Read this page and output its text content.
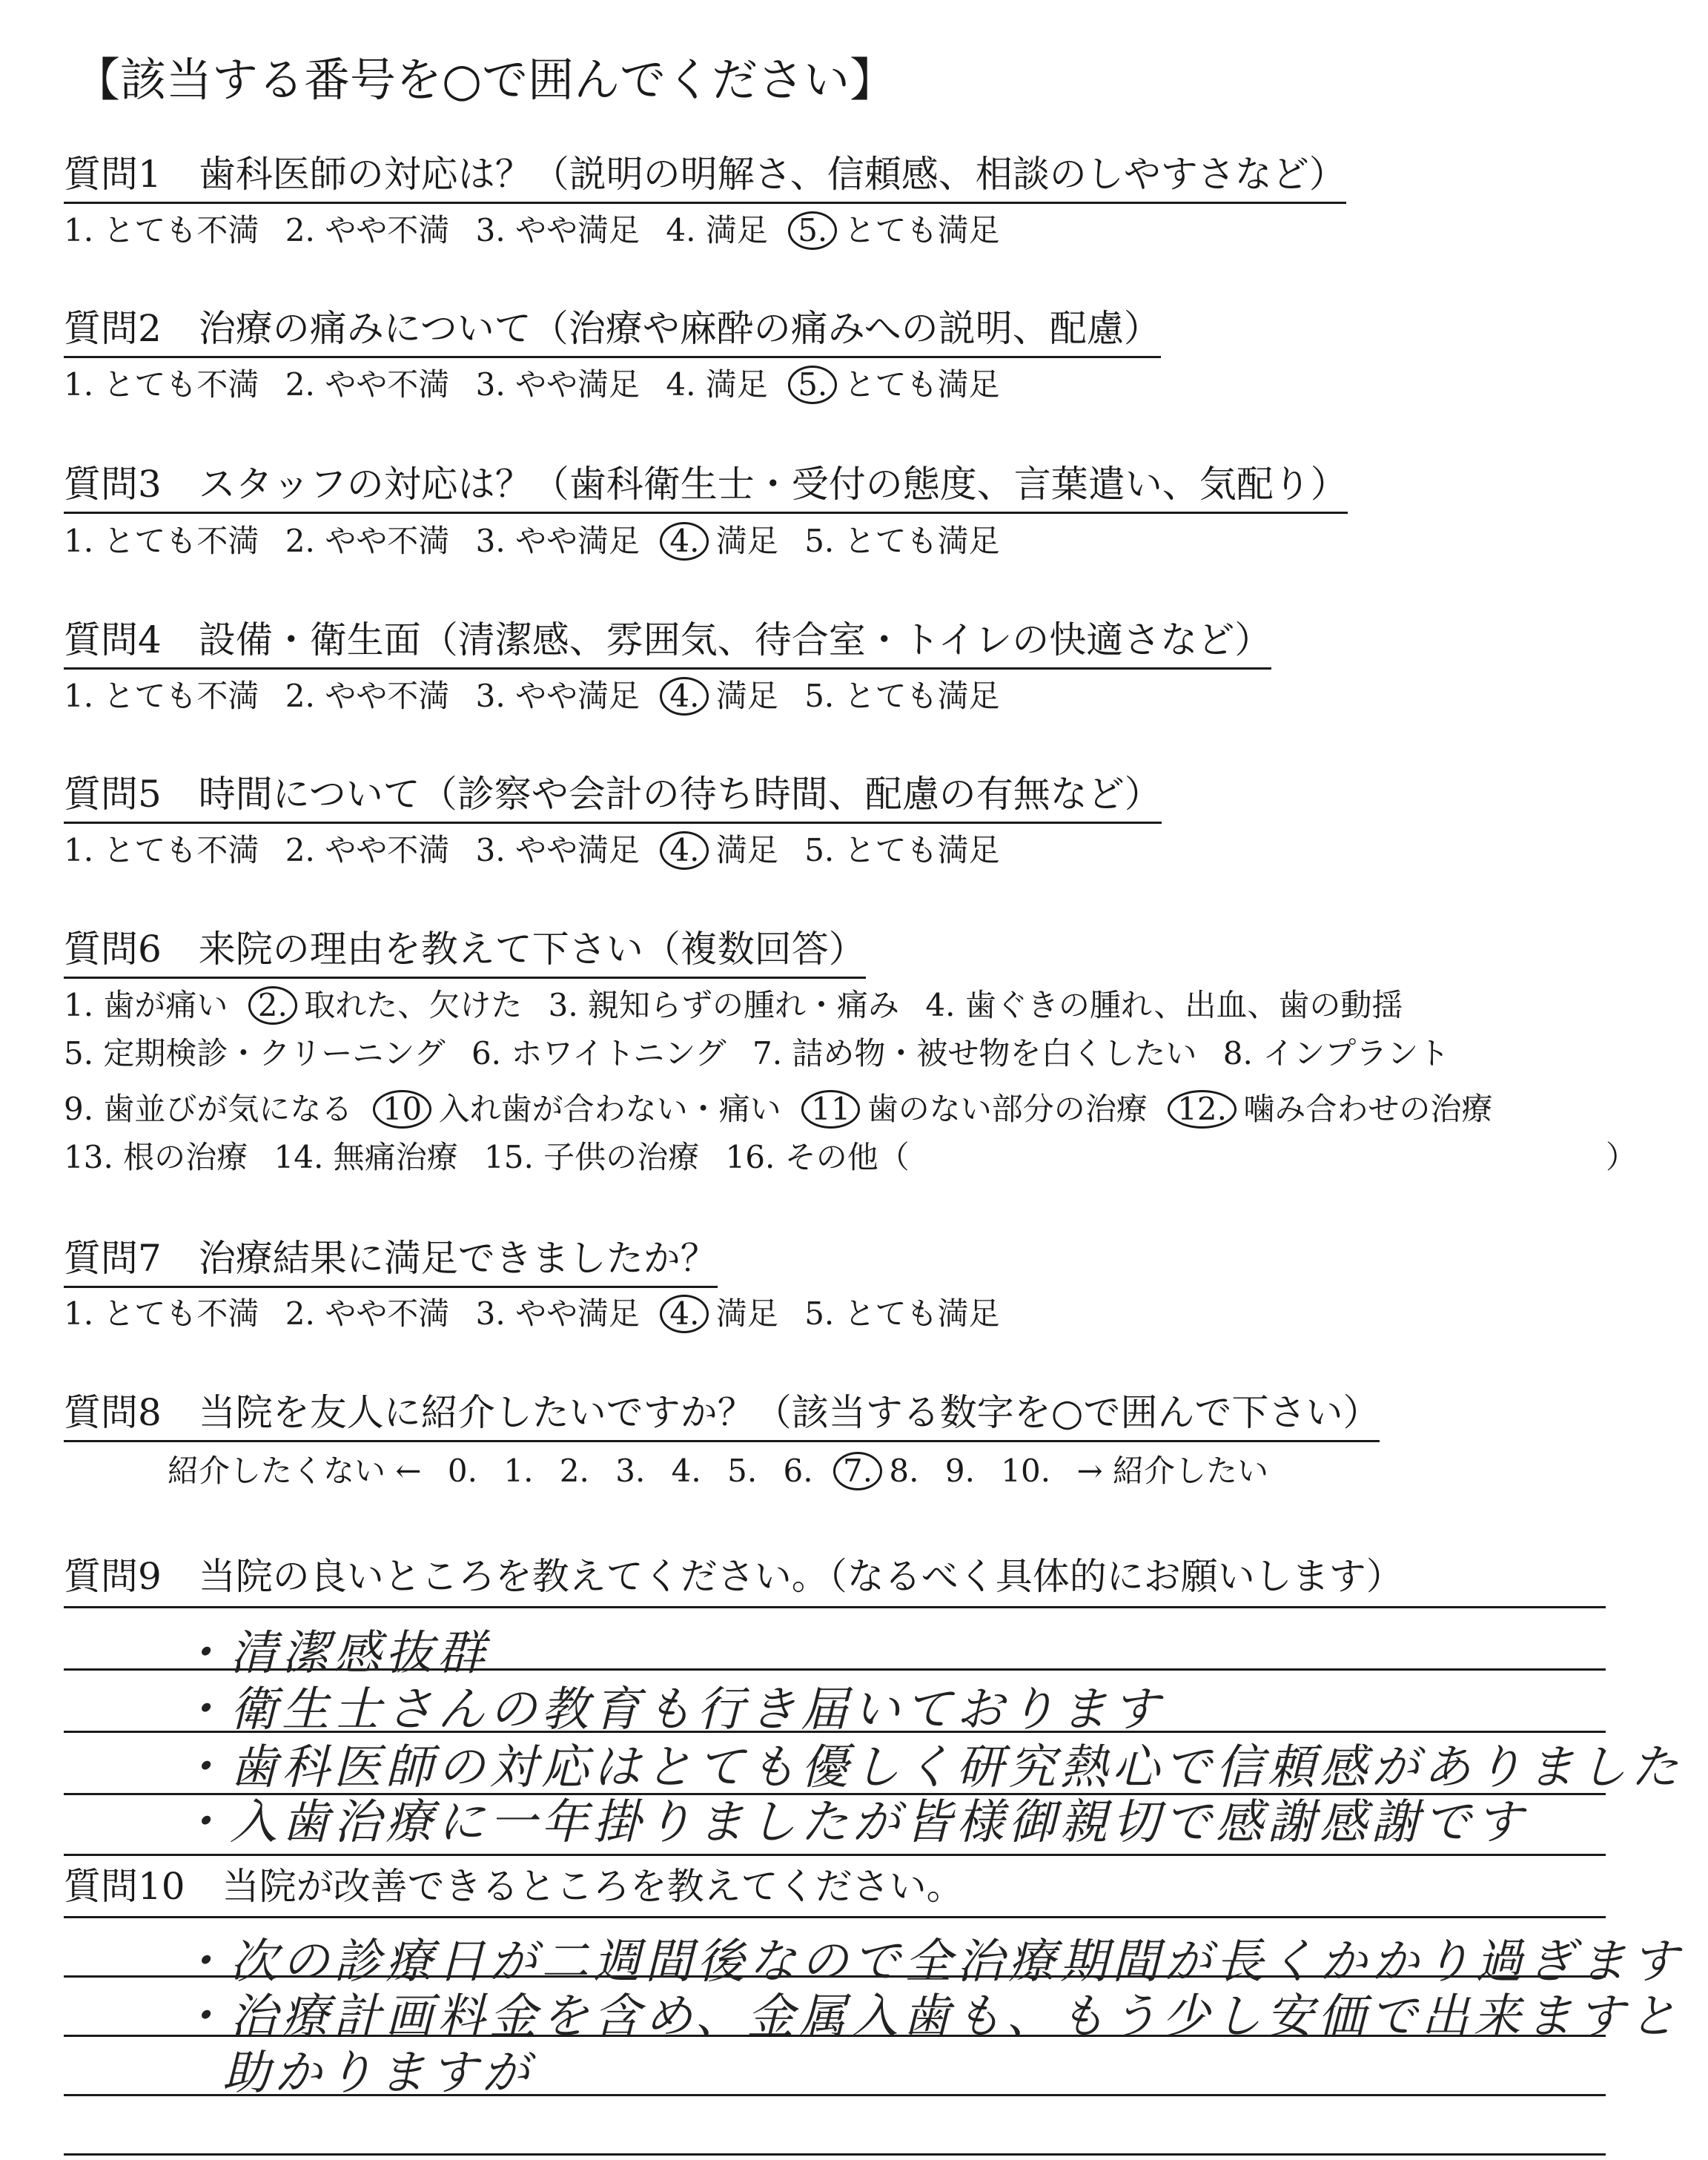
【該当する番号を○で囲んでください】
質問1　歯科医師の対応は？（説明の明解さ、信頼感、相談のしやすさなど）
1. とても不満 2. やや不満 3. やや満足 4. 満足 5. とても満足
質問2　治療の痛みについて（治療や麻酔の痛みへの説明、配慮）
1. とても不満 2. やや不満 3. やや満足 4. 満足 5. とても満足
質問3　スタッフの対応は？（歯科衛生士・受付の態度、言葉遣い、気配り）
1. とても不満 2. やや不満 3. やや満足 4. 満足 5. とても満足
質問4　設備・衛生面（清潔感、雰囲気、待合室・トイレの快適さなど）
1. とても不満 2. やや不満 3. やや満足 4. 満足 5. とても満足
質問5　時間について（診察や会計の待ち時間、配慮の有無など）
1. とても不満 2. やや不満 3. やや満足 4. 満足 5. とても満足
質問6　来院の理由を教えて下さい（複数回答）
1. 歯が痛い 2. 取れた、欠けた 3. 親知らずの腫れ・痛み 4. 歯ぐきの腫れ、出血、歯の動揺
5. 定期検診・クリーニング 6. ホワイトニング 7. 詰め物・被せ物を白くしたい 8. インプラント
9. 歯並びが気になる 10 入れ歯が合わない・痛い 11 歯のない部分の治療 12. 噛み合わせの治療
13. 根の治療 14. 無痛治療 15. 子供の治療 16. その他（	）
質問7　治療結果に満足できましたか？
1. とても不満 2. やや不満 3. やや満足 4. 満足 5. とても満足
質問8　当院を友人に紹介したいですか？（該当する数字を○で囲んで下さい）
紹介したくない ← 0. 1. 2. 3. 4. 5. 6. 7. 8. 9. 10. → 紹介したい
質問9　当院の良いところを教えてください。（なるべく具体的にお願いします）
・清潔感抜群
・衛生士さんの教育も行き届いております
・歯科医師の対応はとても優しく研究熱心で信頼感がありました
・入歯治療に一年掛りましたが皆様御親切で感謝感謝です
質問10　当院が改善できるところを教えてください。
・次の診療日が二週間後なので全治療期間が長くかかり過ぎます
・治療計画料金を含め、金属入歯も、もう少し安価で出来ますと
助かりますが
